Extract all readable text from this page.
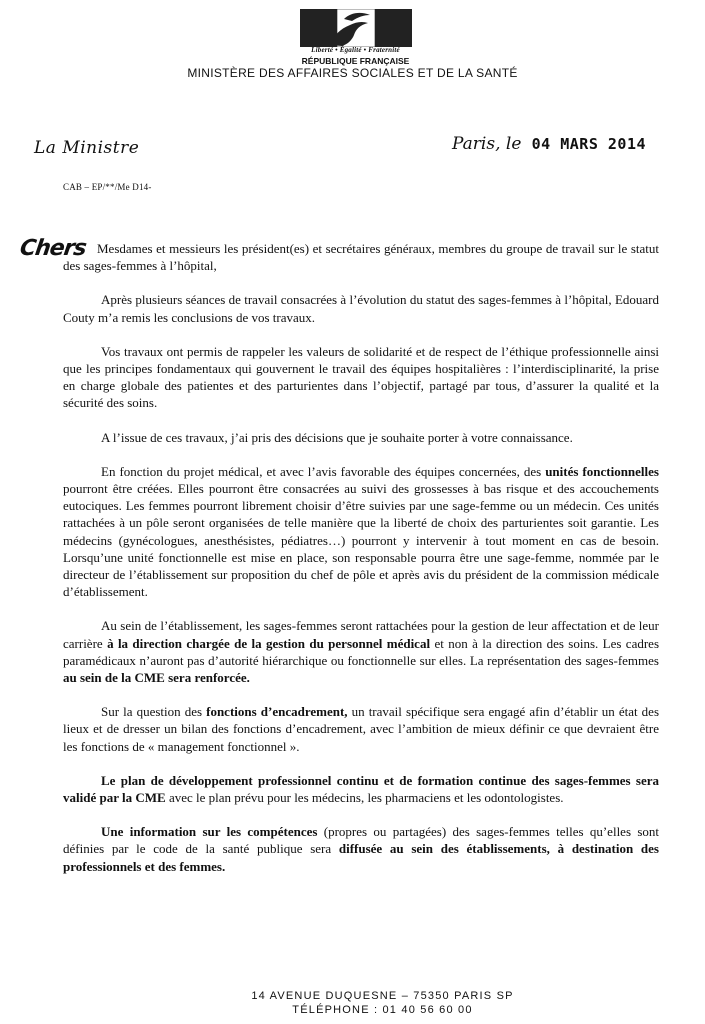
Liberté • Égalité • Fraternité
RÉPUBLIQUE FRANÇAISE
MINISTÈRE DES AFFAIRES SOCIALES ET DE LA SANTÉ
La Ministre	Paris, le 04 MARS 2014
CAB – EP/**/Me D14-
Chers Mesdames et messieurs les président(es) et secrétaires généraux, membres du groupe de travail sur le statut des sages-femmes à l’hôpital,

Après plusieurs séances de travail consacrées à l’évolution du statut des sages-femmes à l’hôpital, Edouard Couty m’a remis les conclusions de vos travaux.

Vos travaux ont permis de rappeler les valeurs de solidarité et de respect de l’éthique professionnelle ainsi que les principes fondamentaux qui gouvernent le travail des équipes hospitalières : l’interdisciplinarité, la prise en charge globale des patientes et des parturientes dans l’objectif, partagé par tous, d’assurer la qualité et la sécurité des soins.

A l’issue de ces travaux, j’ai pris des décisions que je souhaite porter à votre connaissance.

En fonction du projet médical, et avec l’avis favorable des équipes concernées, des unités fonctionnelles pourront être créées. Elles pourront être consacrées au suivi des grossesses à bas risque et des accouchements eutociques. Les femmes pourront librement choisir d’être suivies par une sage-femme ou un médecin. Ces unités rattachées à un pôle seront organisées de telle manière que la liberté de choix des parturientes soit garantie. Les médecins (gynécologues, anesthésistes, pédiatres…) pourront y intervenir à tout moment en cas de besoin. Lorsqu’une unité fonctionnelle est mise en place, son responsable pourra être une sage-femme, nommée par le directeur de l’établissement sur proposition du chef de pôle et après avis du président de la commission médicale d’établissement.

Au sein de l’établissement, les sages-femmes seront rattachées pour la gestion de leur affectation et de leur carrière à la direction chargée de la gestion du personnel médical et non à la direction des soins. Les cadres paramédicaux n’auront pas d’autorité hiérarchique ou fonctionnelle sur elles. La représentation des sages-femmes au sein de la CME sera renforcée.

Sur la question des fonctions d’encadrement, un travail spécifique sera engagé afin d’établir un état des lieux et de dresser un bilan des fonctions d’encadrement, avec l’ambition de mieux définir ce que devraient être les fonctions de « management fonctionnel ».

Le plan de développement professionnel continu et de formation continue des sages-femmes sera validé par la CME avec le plan prévu pour les médecins, les pharmaciens et les odontologistes.

Une information sur les compétences (propres ou partagées) des sages-femmes telles qu’elles sont définies par le code de la santé publique sera diffusée au sein des établissements, à destination des professionnels et des femmes.

14 AVENUE DUQUESNE – 75350 PARIS SP
TÉLÉPHONE : 01 40 56 60 00
